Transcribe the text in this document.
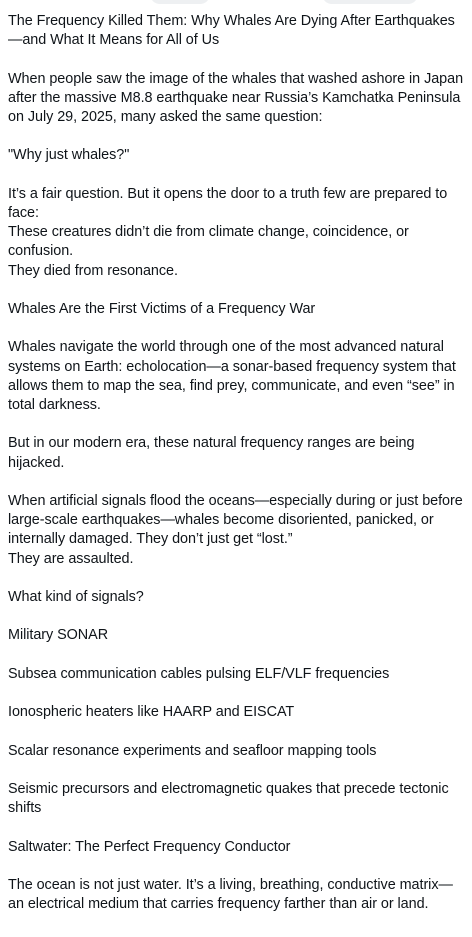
The Frequency Killed Them: Why Whales Are Dying After Earthquakes—and What It Means for All of Us

When people saw the image of the whales that washed ashore in Japan after the massive M8.8 earthquake near Russia’s Kamchatka Peninsula on July 29, 2025, many asked the same question:

"Why just whales?"

It’s a fair question. But it opens the door to a truth few are prepared to face:
These creatures didn’t die from climate change, coincidence, or confusion.
They died from resonance.

Whales Are the First Victims of a Frequency War

Whales navigate the world through one of the most advanced natural systems on Earth: echolocation—a sonar-based frequency system that allows them to map the sea, find prey, communicate, and even “see” in total darkness.

But in our modern era, these natural frequency ranges are being hijacked.

When artificial signals flood the oceans—especially during or just before large-scale earthquakes—whales become disoriented, panicked, or internally damaged. They don’t just get “lost.”
They are assaulted.

What kind of signals?

Military SONAR

Subsea communication cables pulsing ELF/VLF frequencies

Ionospheric heaters like HAARP and EISCAT

Scalar resonance experiments and seafloor mapping tools

Seismic precursors and electromagnetic quakes that precede tectonic shifts

Saltwater: The Perfect Frequency Conductor

The ocean is not just water. It’s a living, breathing, conductive matrix—an electrical medium that carries frequency farther than air or land.
